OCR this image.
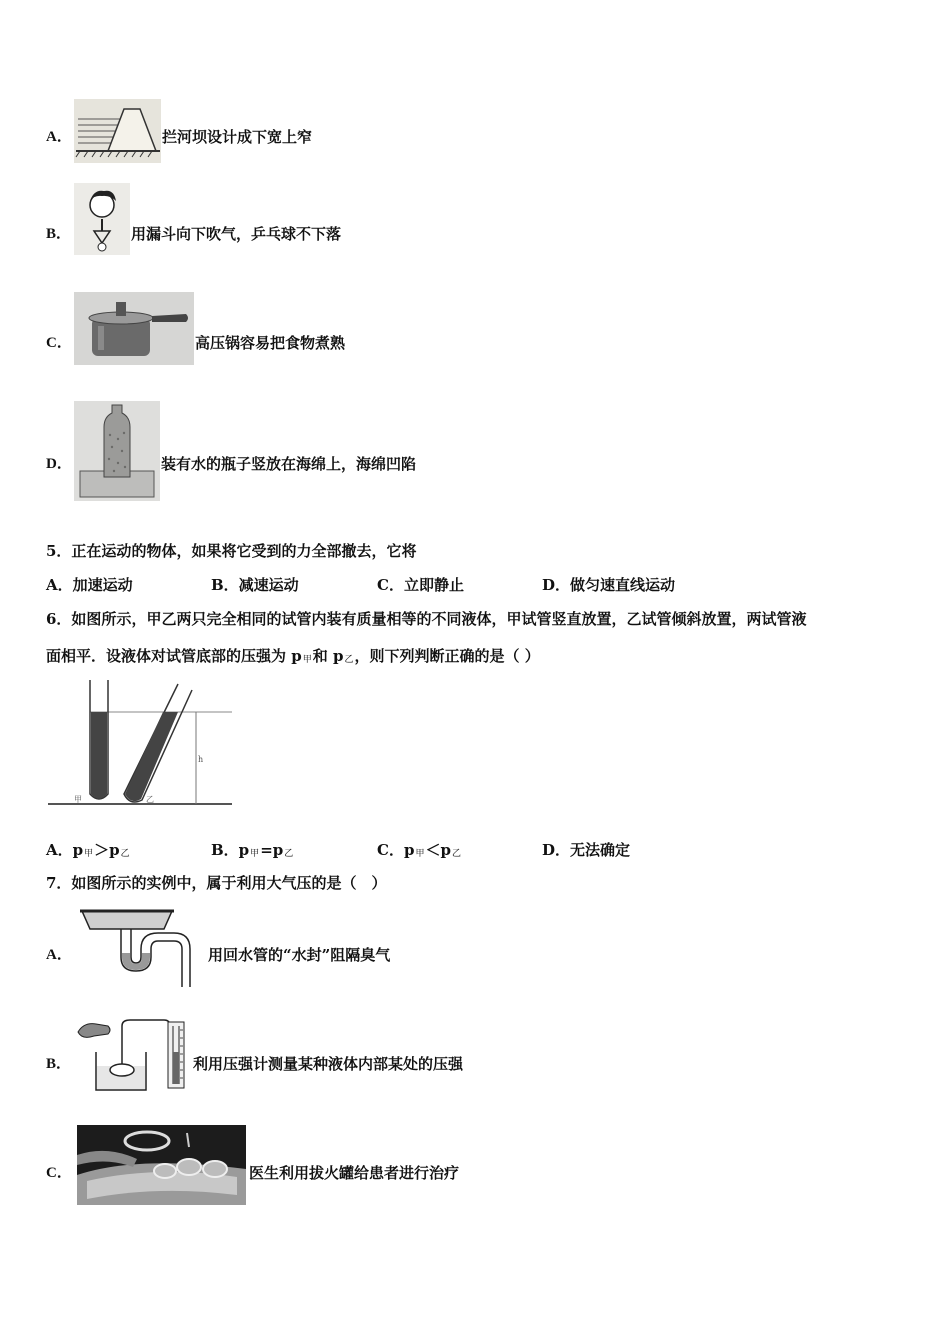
A．	拦河坝设计成下宽上窄
B．	用漏斗向下吹气，乒乓球不下落
C．	高压锅容易把食物煮熟
D．	装有水的瓶子竖放在海绵上，海绵凹陷
5．正在运动的物体，如果将它受到的力全部撤去，它将
A．加速运动	B．减速运动	C．立即静止	D．做匀速直线运动
6．如图所示，甲乙两只完全相同的试管内装有质量相等的不同液体，甲试管竖直放置，乙试管倾斜放置，两试管液
面相平．设液体对试管底部的压强为 p甲和 p乙，则下列判断正确的是（ ）
h
甲	乙
A．p甲＞p乙	B．p甲=p乙	C．p甲＜p乙	D．无法确定
7．如图所示的实例中，属于利用大气压的是（　）
A．	用回水管的“水封”阻隔臭气
B．	利用压强计测量某种液体内部某处的压强
C．	医生利用拔火罐给患者进行治疗
